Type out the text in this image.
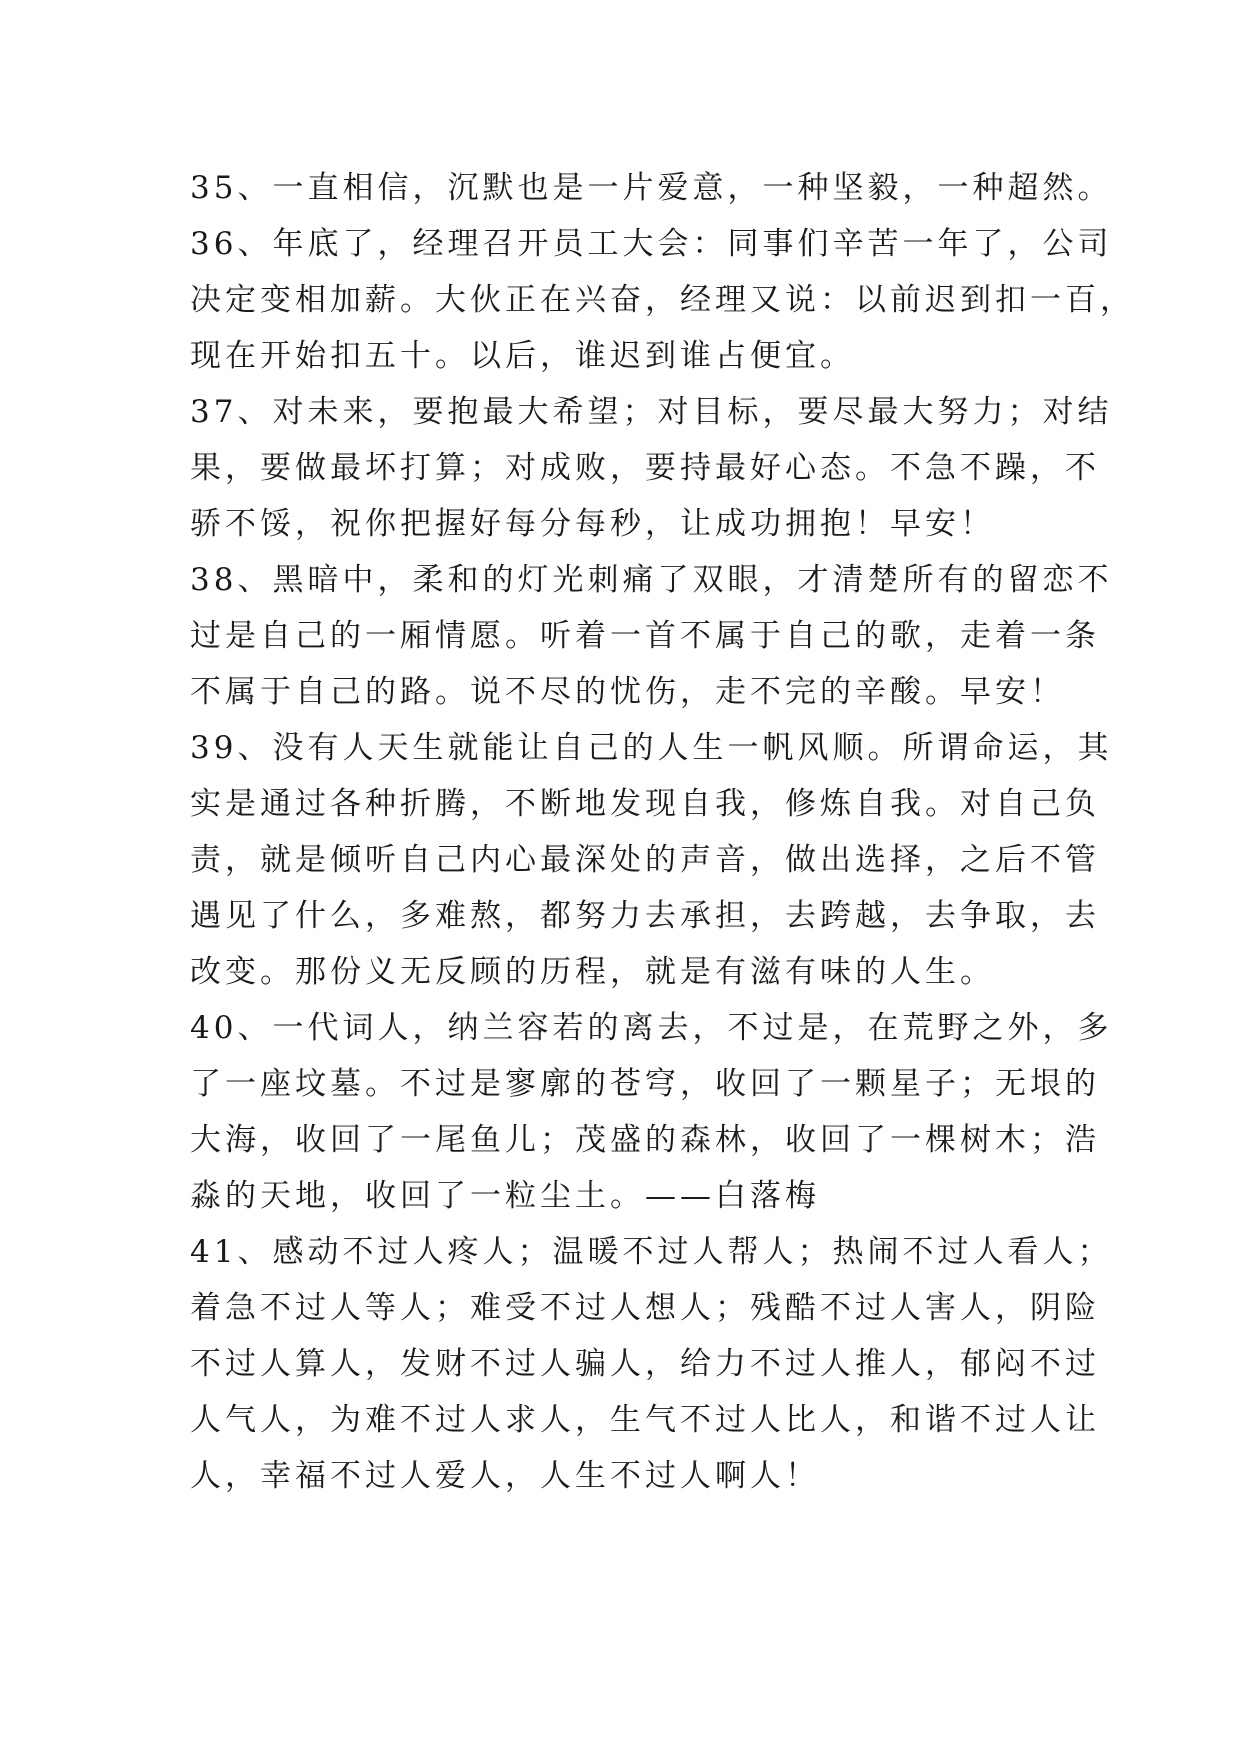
35、一直相信，沉默也是一片爱意，一种坚毅，一种超然。
36、年底了，经理召开员工大会：同事们辛苦一年了，公司
决定变相加薪。大伙正在兴奋，经理又说：以前迟到扣一百，
现在开始扣五十。以后，谁迟到谁占便宜。
37、对未来，要抱最大希望；对目标，要尽最大努力；对结
果，要做最坏打算；对成败，要持最好心态。不急不躁，不
骄不馁，祝你把握好每分每秒，让成功拥抱！早安！
38、黑暗中，柔和的灯光刺痛了双眼，才清楚所有的留恋不
过是自己的一厢情愿。听着一首不属于自己的歌，走着一条
不属于自己的路。说不尽的忧伤，走不完的辛酸。早安！
39、没有人天生就能让自己的人生一帆风顺。所谓命运，其
实是通过各种折腾，不断地发现自我，修炼自我。对自己负
责，就是倾听自己内心最深处的声音，做出选择，之后不管
遇见了什么，多难熬，都努力去承担，去跨越，去争取，去
改变。那份义无反顾的历程，就是有滋有味的人生。
40、一代词人，纳兰容若的离去，不过是，在荒野之外，多
了一座坟墓。不过是寥廓的苍穹，收回了一颗星子；无垠的
大海，收回了一尾鱼儿；茂盛的森林，收回了一棵树木；浩
淼的天地，收回了一粒尘土。——白落梅
41、感动不过人疼人；温暖不过人帮人；热闹不过人看人；
着急不过人等人；难受不过人想人；残酷不过人害人，阴险
不过人算人，发财不过人骗人，给力不过人推人，郁闷不过
人气人，为难不过人求人，生气不过人比人，和谐不过人让
人，幸福不过人爱人，人生不过人啊人！
